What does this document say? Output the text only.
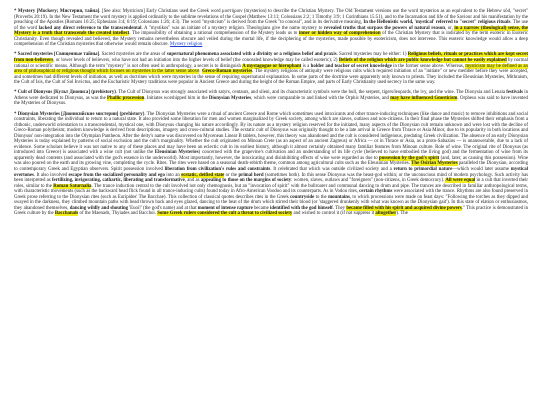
* Mystery [Mockery; Мистерия, тайна]. [See also: Mysticism] Early Christians used the Greek word μυστήριον (mysterion) to describe the Christian Mystery. The Old Testament versions use the word mysterion as an equivalent to the Hebrew sôd, "secret" (Proverbs 20:19). In the New Testament the word mystery is applied ordinarily to the sublime revelations of the Gospel (Matthew 13:11; Colossians 2:2; 1 Timothy 3:9; 1 Corinthians 15:51), and to the Incarnation and life of the Saviour and his manifestation by the preaching of the Apostles (Romans 16:25; Ephesians 3:4; 6:19; Colossians 1:26; 4:3). The word "mysticism" is derived from the Greek "to conceal", and in its derivative meaning, In the Hellenistic world, 'mystical' referred to "secret" religious rituals. The use of the word lacked any direct reference to the transcendental. A "mystikos" was an initiate of a mystery religion. Theologians give the name mystery to revealed truths that surpass the powers of natural reason, or, in a narrow (theological) sense, the Mystery is a truth that transcends the created intellect. The impossibility of obtaining a rational comprehension of the Mystery leads us to inner or hidden way of comprehension of the Christian Mystery that is indicated by the term esoteric in Esoteric Christianity. Even though revealed and believed, the Mystery remains nevertheless obscure and veiled during the mortal life, if the deciphering of the mysteries, made possible by esotericism, does not intervene. This esoteric knowledge would allow a deep comprehension of the Christian mysteries that otherwise would remain obscure. Mystery religion

* Sacred mysteries [Священные тайны]. Sacred mysteries are the areas of supernatural phenomena associated with a divinity or a religious belief and praxis. Sacred mysteries may be either: 1) Religious beliefs, rituals or practices which are kept secret from non-believers, or lower levels of believers, who have not had an initiation into the higher levels of belief (the concealed knowledge may be called esoteric); 2) Beliefs of the religion which are public knowledge but cannot be easily explained by normal rational or scientific means. Although the term "mystery" is not often used in anthropology, a secret is to distinguish A mystagogue or hierophant is a holder and teacher of secret knowledge in the former sense above. Whereas, mysticism may be defined as an area of philosophical or religious thought which focuses on mysteries in the latter sense above. Greco-Roman mysteries. The mystery religions of antiquity were religious cults which required initiation of an "initiate" or new member before they were accepted, and sometimes had different levels of initiation, as well as doctrines which were mysteries in the sense of requiring supernatural explanation. In some parts of the doctrine were apparently only known to priests. They included the Eleusinian Mysteries, Mithraism, the Cult of Isis, the Cult of Sol Invictus, and the Eucharistic Mystery traditions were popular in Ancient Greece and during the height of the Roman Empire, and parts of Early Christianity used secrecy in the same way.

* Cult of Dionysus [Культ Диониса] (prehistory). The Cult of Dionysus was strongly associated with satyrs, centaurs, and sileni, and its characteristic symbols were the bull, the serpent, tigers/leopards, the ivy, and the wine. The Dionysia and Lenaia festivals in Athens were dedicated to Dionysus, as was the Phallic procession. Initiates worshipped him in the Dionysian Mysteries, which were comparable to and linked with the Orphic Mysteries, and may have influenced Gnosticism. Orpheus was said to have invented the Mysteries of Dionysus.

* Dionysian Mysteries [Дионисийские мистерии] (prehistory). The Dionysian Mysteries were a ritual of ancient Greece and Rome which sometimes used intoxicants and other trance-inducing techniques (like dance and music) to remove inhibitions and social constraints, liberating the individual to return to a natural state. It also provided some liberation for men and women marginalized by Greek society, among which are slaves, outlaws and non-citizens. In their final phase the Mysteries shifted their emphasis from a chthonic, underworld orientation to a transcendental, mystical one, with Dionysus changing his nature accordingly. By its nature as a mystery religion reserved for the initiated, many aspects of the Dionysian cult remain unknown and were lost with the decline of Greco-Roman polytheism; modern knowledge is derived from descriptions, imagery and cross-cultural studies. The ecstatic cult of Dionysus was originally thought to be a late arrival in Greece from Thrace or Asia Minor, due to its popularity in both locations and Dionysus' non-integration into the Olympian Pantheon. After the deity's name was discovered on Mycenean Linear B tablets, however, this theory was abandoned and the cult is considered indigenous, predating Greek civilization. The absence of an early Dionysian Mysteries is today explained by patterns of social exclusion and the cult's marginality. Whether the cult originated on Minoan Crete (as an aspect of an ancient Zagreus) or Africa — or in Thrace or Asia, as a proto-Sabazios — is unanswerable, due to a lack of evidence. Some scholars believe it was not native to any of these places and may have been an eclectic cult in its earliest history, although it almost certainly obtained many familiar features from Minoan culture. Role of wine. The original rite of Dionysus (as introduced into Greece) is associated with a wine cult (not unlike the Eleusinian Mysteries) concerned with the grapevine's cultivation and an understanding of its life cycle (believed to have embodied the living god) and the fermentation of wine from its apparently dead contents (and associated with the god's essence in the underworld). Most importantly, however, the intoxicating and disinhibiting effects of wine were regarded as due to possession by the god's spirit (and, later, as causing this possession). Wine was also poured on the earth and its growing vine, completing the cycle. Rites. The rites were based on a seasonal death-rebirth theme, common among agricultural cults such as the Eleusinian Mysteries. The Osirian Mysteries paralleled the Dionysian, according to contemporary Greek and Egyptian observers. Spirit possession involved liberation from civilization's rules and constraints. It celebrated that which was outside civilized society and a return to primordial nature—which would later assume mystical overtones. It also involved escape from the socialized personality and ego into an ecstatic, deified state or the primal herd (sometimes both). In this sense Dionysus was the beast-god within; or the unconscious mind of modern psychology. Such activity has been interpreted as fertilizing, invigorating, cathartic, liberating and transformative, and as appealing to those on the margins of society: women, slaves, outlaws and "foreigners" (non-citizens, in Greek democracy). All were equal in a cult that inverted their roles, similar to the Roman Saturnalia. The trance induction central to the cult involved not only chemognosis, but an "invocation of spirit" with the bullroarer and communal dancing to drum and pipe. The trances are described in familiar anthropological terms, with characteristic movements (such as the backward head flick found in all trance-inducing cults) found today in Afro-American Voodoo and its counterparts. As in Vodou rites, certain rhythms were associated with the trance. Rhythms are also found preserved in Greek prose referring to the Dionysian rites (such as Euripides' The Bacchae). This collection of classical quotes describes rites in the Greek countryside to the mountains, to which processions were made on feast days: "Following the torches as they dipped and swayed in the darkness, they climbed mountain paths with head thrown back and eyes glazed, dancing to the beat of the drum which stirred their blood (or 'staggered drunkenly with what was known as the Dionysian gait'). In this state of elation or enthusiasmos, they abandoned themselves, dancing wildly and shouting 'Euoi!' (the god's name) and at that moment of intense rapture became identified with the god himself. They became filled with his spirit and acquired divine powers." This practice is demonstrated in Greek culture by the Bacchanals of the Maenads, Thyiades and Bacchoi. Some Greek rulers considered the cult a threat to civilized society and wished to control it (if not suppress it altogether). The
